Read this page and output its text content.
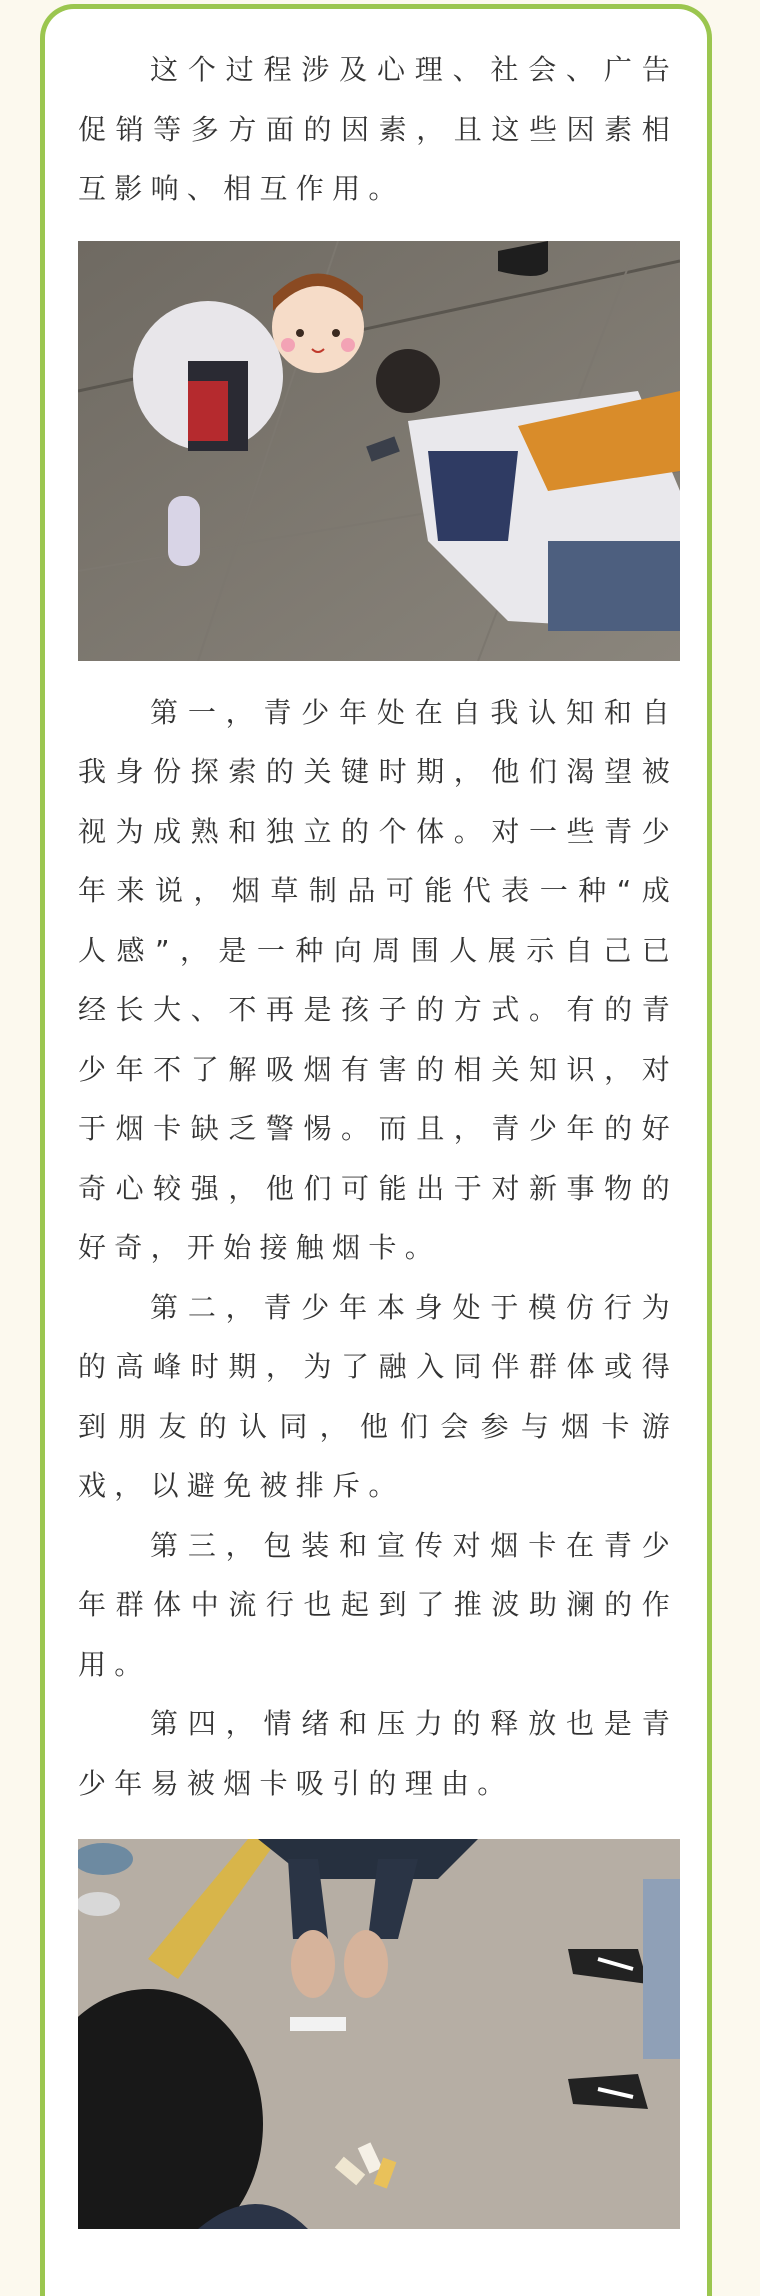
这个过程涉及心理、社会、广告促销等多方面的因素，且这些因素相互影响、相互作用。

第一，青少年处在自我认知和自我身份探索的关键时期，他们渴望被视为成熟和独立的个体。对一些青少年来说，烟草制品可能代表一种“成人感”，是一种向周围人展示自己已经长大、不再是孩子的方式。有的青少年不了解吸烟有害的相关知识，对于烟卡缺乏警惕。而且，青少年的好奇心较强，他们可能出于对新事物的好奇，开始接触烟卡。

第二，青少年本身处于模仿行为的高峰时期，为了融入同伴群体或得到朋友的认同，他们会参与烟卡游戏，以避免被排斥。

第三，包装和宣传对烟卡在青少年群体中流行也起到了推波助澜的作用。

第四，情绪和压力的释放也是青少年易被烟卡吸引的理由。
